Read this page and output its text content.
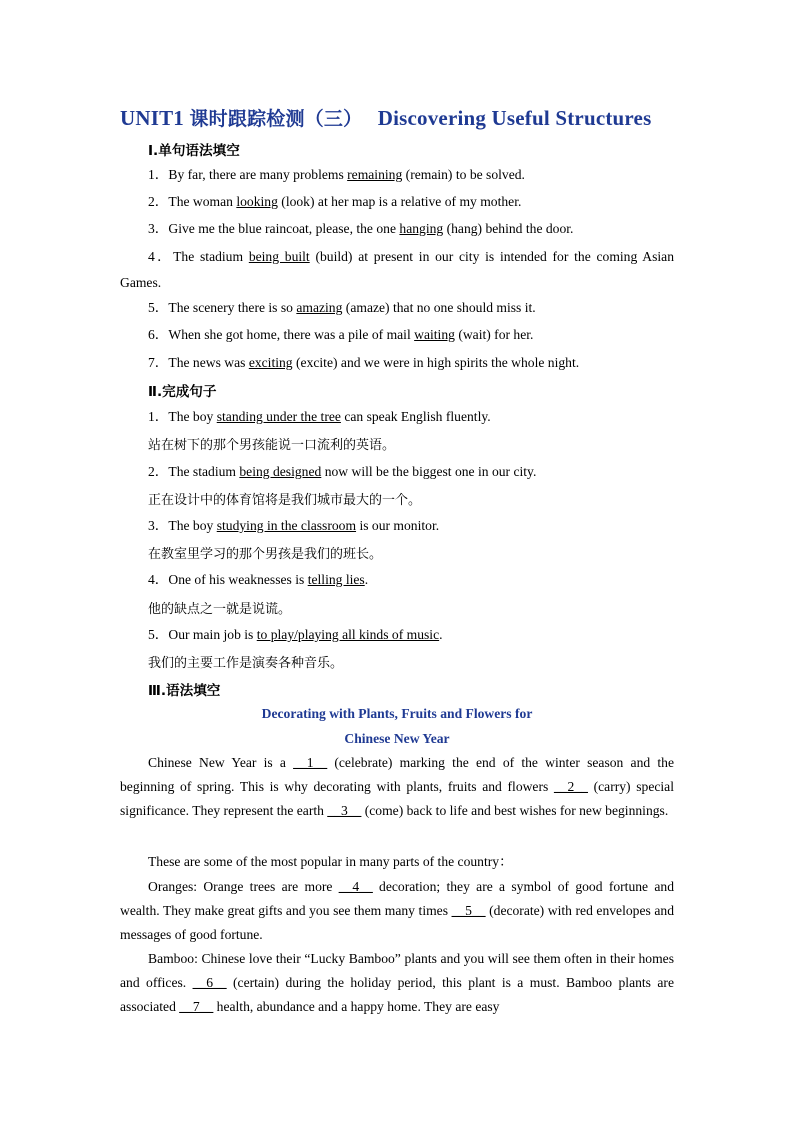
UNIT1 课时跟踪检测（三） Discovering Useful Structures
Ⅰ.单句语法填空
1．By far, there are many problems remaining (remain) to be solved.
2．The woman looking (look) at her map is a relative of my mother.
3．Give me the blue raincoat, please, the one hanging (hang) behind the door.
4．The stadium being built (build) at present in our city is intended for the coming Asian Games.
5．The scenery there is so amazing (amaze) that no one should miss it.
6．When she got home, there was a pile of mail waiting (wait) for her.
7．The news was exciting (excite) and we were in high spirits the whole night.
Ⅱ.完成句子
1．The boy standing under the tree can speak English fluently.
站在树下的那个男孩能说一口流利的英语。
2．The stadium being designed now will be the biggest one in our city.
正在设计中的体育馆将是我们城市最大的一个。
3．The boy studying in the classroom is our monitor.
在教室里学习的那个男孩是我们的班长。
4．One of his weaknesses is telling lies.
他的缺点之一就是说谎。
5．Our main job is to play/playing all kinds of music.
我们的主要工作是演奏各种音乐。
Ⅲ.语法填空
Decorating with Plants, Fruits and Flowers for
Chinese New Year
Chinese New Year is a __1__ (celebrate) marking the end of the winter season and the beginning of spring. This is why decorating with plants, fruits and flowers __2__ (carry) special significance. They represent the earth __3__ (come) back to life and best wishes for new beginnings.
These are some of the most popular in many parts of the country：
Oranges: Orange trees are more __4__ decoration; they are a symbol of good fortune and wealth. They make great gifts and you see them many times __5__ (decorate) with red envelopes and messages of good fortune.
Bamboo: Chinese love their “Lucky Bamboo” plants and you will see them often in their homes and offices. __6__ (certain) during the holiday period, this plant is a must. Bamboo plants are associated __7__ health, abundance and a happy home. They are easy
